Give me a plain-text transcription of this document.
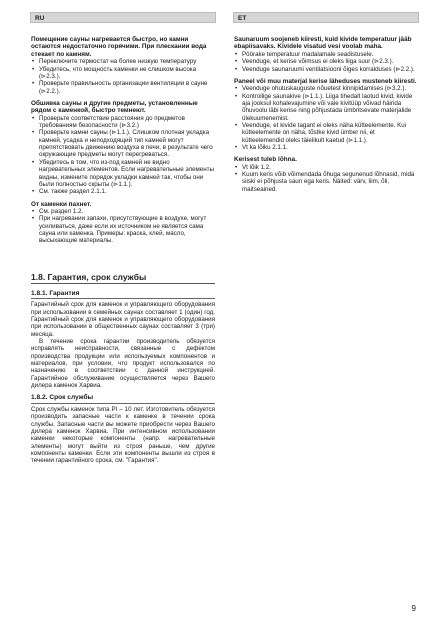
RU	ET
Помещение сауны нагревается быстро, но камни остаются недостаточно горячими. При плескании вода стекает по камням.
• Переключите термостат на более низкую температуру
• Убедитесь, что мощность каменки не слишком высока (⊳2.3.).
• Проверьте правильность организации вентиляции в сауне (⊳2.2.).
Обшивка сауны и другие предметы, установленные рядом с каменкой, быстро темнеют.
• Проверьте соответствие расстояния до предметов требованиям безопасности (⊳3.2.)
• Проверьте камни сауны (⊳1.1.). Слишком плотная укладка камней, усадка и неподходящий тип камней могут препятствовать движению воздуха в печи, в результате чего окружающие предметы могут перегреваться.
• Убедитесь в том, что из-под камней не видно нагревательных элементов. Если нагревательные элементы видны, измените порядок укладки камней так, чтобы они были полностью скрыты (⊳1.1.).
• См. также раздел 2.1.1.
От каменки пахнет.
• См. раздел 1.2.
• При нагревании запахи, присутствующие в воздухе, могут усиливаться, даже если их источником не является сама сауна или каменка. Примеры: краска, клей, масло, высыхающие материалы.
1.8. Гарантия, срок службы
1.8.1. Гарантия
Гарантийный срок для каменок и управляющего оборудования при использовании в семейных саунах составляет 1 (один) год. Гарантийный срок для каменок и управляющего оборудования при использовании в общественных саунах составляет 3 (три) месяца.
В течение срока гарантии производитель обязуется исправлять неисправности, связанные с дефектом производства продукции или используемых компонентов и материалов, при условии, что продукт использовался по назначению в соответствии с данной инструкцией. Гарантийное обслуживание осуществляется через Вашего дилера каменок Харвиа.
1.8.2. Срок службы
Срок службы каменок типа PI – 10 лет. Изготовитель обязуется производить запасные части к каменке в течении срока службы. Запасные части вы можете приобрести через Вашего дилера каменок Харвиа. При интенсивном использовании каменки некоторые компоненты (напр. нагревательные элементы) могут выйти из строя раньше, чем другие компоненты каменки. Если эти компоненты вышли из строя в течении гарантийного срока, см. "Гарантия".
Saunaruum soojeneb kiiresti, kuid kivide temperatuur jääb ebapiisavaks. Kividele visatud vesi voolab maha.
• Pöörake temperatuur madalamale seadistusele.
• Veenduge, et kerise võimsus ei oleks liiga suur (⊳2.3.).
• Veenduge saunaruumi ventilatsiooni õiges korralduses (⊳2.2.).
Paneel või muu materjal kerise läheduses musteneb kiiresti.
• Veenduge ohutuskauguste nõuetest kinnipidamises (⊳3.2.).
• Kontrollige saunakive (⊳1.1.). Liiga tihedalt laotud kivid, kivide aja jooksul kohalevajumine või vale kivitüüp võivad häirida õhuvoolu läbi kerise ning põhjustada ümbritsevate materjalide ülekuumenemist.
• Veenduge, et kivide tagant ei oleks näha kütteelemente. Kui kütteelemente on näha, tõstke kivid ümber nii, et kütteelemendid oleks täielikult kaetud (⊳1.1.).
• Vt ka lõiku 2.1.1.
Kerisest tuleb lõhna.
• Vt lõik 1.2.
• Kuum keris võib võimendada õhuga segunenud lõhnasid, mida siiski ei põhjusta saun ega keris. Näited: värv, liim, õli, maitseained.
9
